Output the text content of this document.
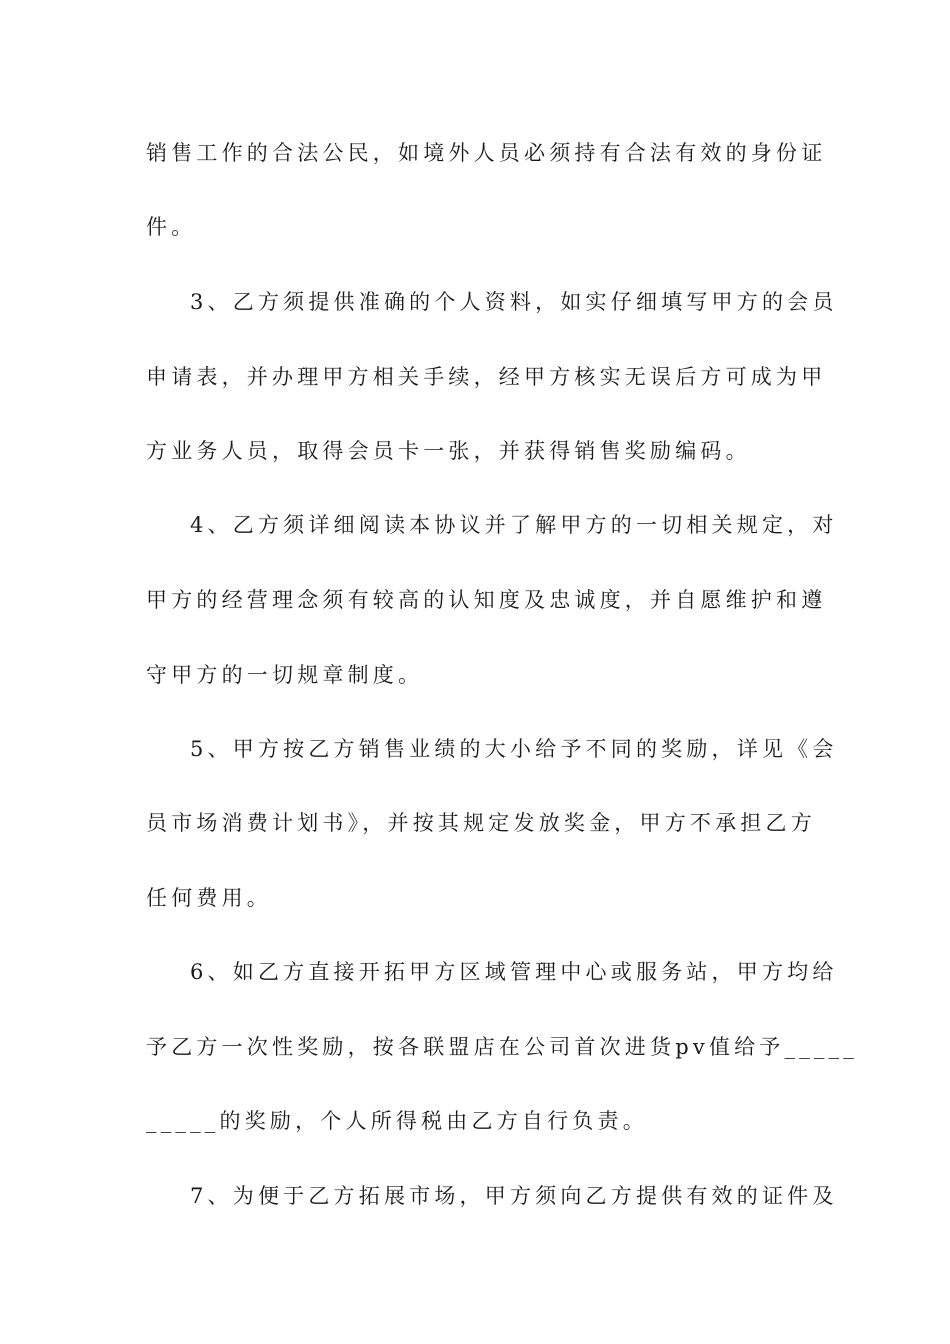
销售工作的合法公民，如境外人员必须持有合法有效的身份证
件。
3、乙方须提供准确的个人资料，如实仔细填写甲方的会员
申请表，并办理甲方相关手续，经甲方核实无误后方可成为甲
方业务人员，取得会员卡一张，并获得销售奖励编码。
4、乙方须详细阅读本协议并了解甲方的一切相关规定，对
甲方的经营理念须有较高的认知度及忠诚度，并自愿维护和遵
守甲方的一切规章制度。
5、甲方按乙方销售业绩的大小给予不同的奖励，详见《会
员市场消费计划书》，并按其规定发放奖金，甲方不承担乙方
任何费用。
6、如乙方直接开拓甲方区域管理中心或服务站，甲方均给
予乙方一次性奖励，按各联盟店在公司首次进货pv值给予_____
_____的奖励，个人所得税由乙方自行负责。
7、为便于乙方拓展市场，甲方须向乙方提供有效的证件及
